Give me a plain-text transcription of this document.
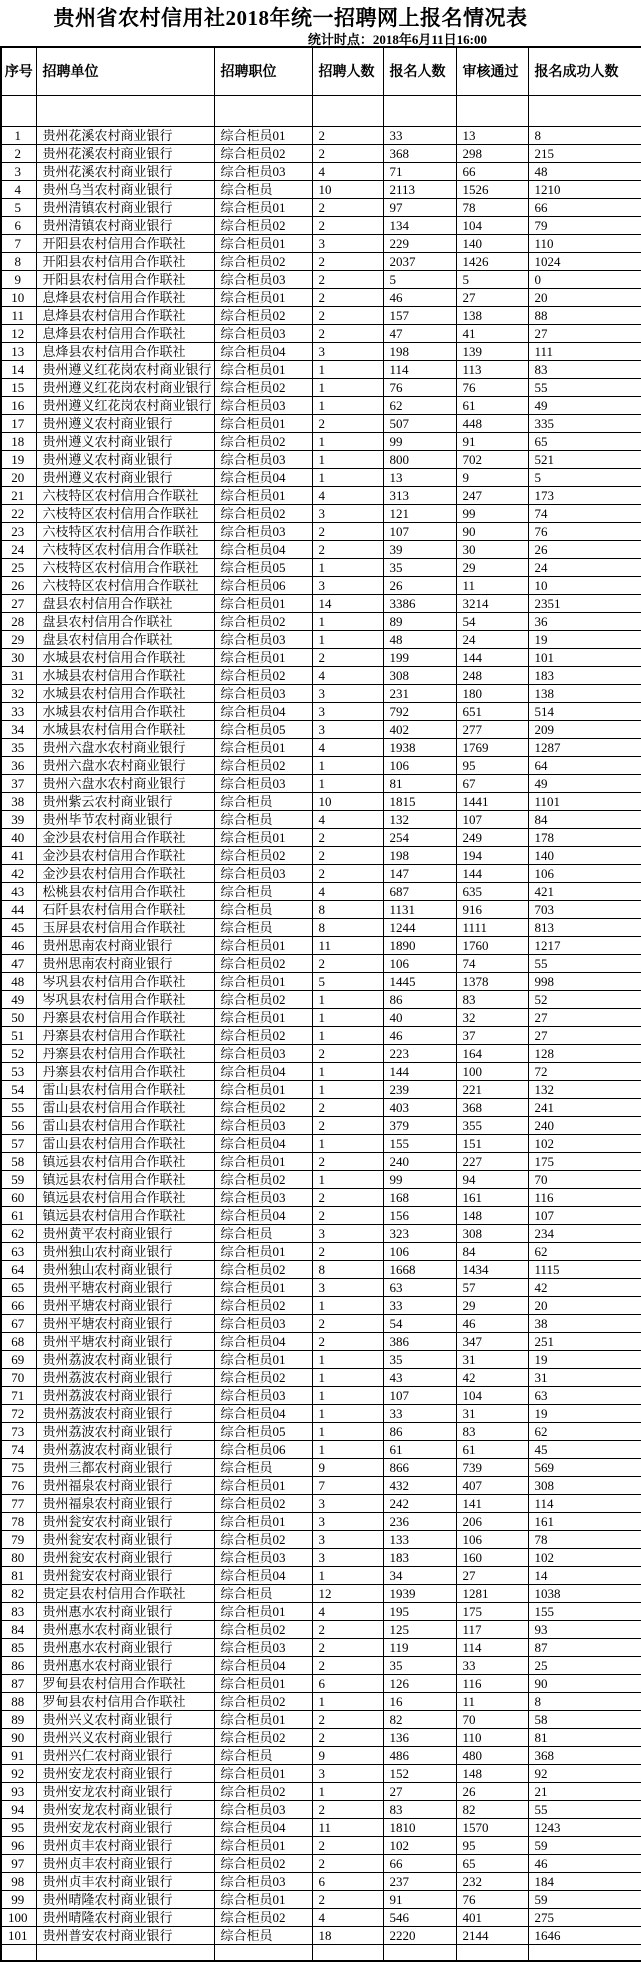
贵州省农村信用社2018年统一招聘网上报名情况表
统计时点：2018年6月11日16:00
序号	招聘单位	招聘职位	招聘人数	报名人数	审核通过	报名成功人数

1	贵州花溪农村商业银行	综合柜员01	2	33	13	8
2	贵州花溪农村商业银行	综合柜员02	2	368	298	215
3	贵州花溪农村商业银行	综合柜员03	4	71	66	48
4	贵州乌当农村商业银行	综合柜员	10	2113	1526	1210
5	贵州清镇农村商业银行	综合柜员01	2	97	78	66
6	贵州清镇农村商业银行	综合柜员02	2	134	104	79
7	开阳县农村信用合作联社	综合柜员01	3	229	140	110
8	开阳县农村信用合作联社	综合柜员02	2	2037	1426	1024
9	开阳县农村信用合作联社	综合柜员03	2	5	5	0
10	息烽县农村信用合作联社	综合柜员01	2	46	27	20
11	息烽县农村信用合作联社	综合柜员02	2	157	138	88
12	息烽县农村信用合作联社	综合柜员03	2	47	41	27
13	息烽县农村信用合作联社	综合柜员04	3	198	139	111
14	贵州遵义红花岗农村商业银行	综合柜员01	1	114	113	83
15	贵州遵义红花岗农村商业银行	综合柜员02	1	76	76	55
16	贵州遵义红花岗农村商业银行	综合柜员03	1	62	61	49
17	贵州遵义农村商业银行	综合柜员01	2	507	448	335
18	贵州遵义农村商业银行	综合柜员02	1	99	91	65
19	贵州遵义农村商业银行	综合柜员03	1	800	702	521
20	贵州遵义农村商业银行	综合柜员04	1	13	9	5
21	六枝特区农村信用合作联社	综合柜员01	4	313	247	173
22	六枝特区农村信用合作联社	综合柜员02	3	121	99	74
23	六枝特区农村信用合作联社	综合柜员03	2	107	90	76
24	六枝特区农村信用合作联社	综合柜员04	2	39	30	26
25	六枝特区农村信用合作联社	综合柜员05	1	35	29	24
26	六枝特区农村信用合作联社	综合柜员06	3	26	11	10
27	盘县农村信用合作联社	综合柜员01	14	3386	3214	2351
28	盘县农村信用合作联社	综合柜员02	1	89	54	36
29	盘县农村信用合作联社	综合柜员03	1	48	24	19
30	水城县农村信用合作联社	综合柜员01	2	199	144	101
31	水城县农村信用合作联社	综合柜员02	4	308	248	183
32	水城县农村信用合作联社	综合柜员03	3	231	180	138
33	水城县农村信用合作联社	综合柜员04	3	792	651	514
34	水城县农村信用合作联社	综合柜员05	3	402	277	209
35	贵州六盘水农村商业银行	综合柜员01	4	1938	1769	1287
36	贵州六盘水农村商业银行	综合柜员02	1	106	95	64
37	贵州六盘水农村商业银行	综合柜员03	1	81	67	49
38	贵州紫云农村商业银行	综合柜员	10	1815	1441	1101
39	贵州毕节农村商业银行	综合柜员	4	132	107	84
40	金沙县农村信用合作联社	综合柜员01	2	254	249	178
41	金沙县农村信用合作联社	综合柜员02	2	198	194	140
42	金沙县农村信用合作联社	综合柜员03	2	147	144	106
43	松桃县农村信用合作联社	综合柜员	4	687	635	421
44	石阡县农村信用合作联社	综合柜员	8	1131	916	703
45	玉屏县农村信用合作联社	综合柜员	8	1244	1111	813
46	贵州思南农村商业银行	综合柜员01	11	1890	1760	1217
47	贵州思南农村商业银行	综合柜员02	2	106	74	55
48	岑巩县农村信用合作联社	综合柜员01	5	1445	1378	998
49	岑巩县农村信用合作联社	综合柜员02	1	86	83	52
50	丹寨县农村信用合作联社	综合柜员01	1	40	32	27
51	丹寨县农村信用合作联社	综合柜员02	1	46	37	27
52	丹寨县农村信用合作联社	综合柜员03	2	223	164	128
53	丹寨县农村信用合作联社	综合柜员04	1	144	100	72
54	雷山县农村信用合作联社	综合柜员01	1	239	221	132
55	雷山县农村信用合作联社	综合柜员02	2	403	368	241
56	雷山县农村信用合作联社	综合柜员03	2	379	355	240
57	雷山县农村信用合作联社	综合柜员04	1	155	151	102
58	镇远县农村信用合作联社	综合柜员01	2	240	227	175
59	镇远县农村信用合作联社	综合柜员02	1	99	94	70
60	镇远县农村信用合作联社	综合柜员03	2	168	161	116
61	镇远县农村信用合作联社	综合柜员04	2	156	148	107
62	贵州黄平农村商业银行	综合柜员	3	323	308	234
63	贵州独山农村商业银行	综合柜员01	2	106	84	62
64	贵州独山农村商业银行	综合柜员02	8	1668	1434	1115
65	贵州平塘农村商业银行	综合柜员01	3	63	57	42
66	贵州平塘农村商业银行	综合柜员02	1	33	29	20
67	贵州平塘农村商业银行	综合柜员03	2	54	46	38
68	贵州平塘农村商业银行	综合柜员04	2	386	347	251
69	贵州荔波农村商业银行	综合柜员01	1	35	31	19
70	贵州荔波农村商业银行	综合柜员02	1	43	42	31
71	贵州荔波农村商业银行	综合柜员03	1	107	104	63
72	贵州荔波农村商业银行	综合柜员04	1	33	31	19
73	贵州荔波农村商业银行	综合柜员05	1	86	83	62
74	贵州荔波农村商业银行	综合柜员06	1	61	61	45
75	贵州三都农村商业银行	综合柜员	9	866	739	569
76	贵州福泉农村商业银行	综合柜员01	7	432	407	308
77	贵州福泉农村商业银行	综合柜员02	3	242	141	114
78	贵州瓮安农村商业银行	综合柜员01	3	236	206	161
79	贵州瓮安农村商业银行	综合柜员02	3	133	106	78
80	贵州瓮安农村商业银行	综合柜员03	3	183	160	102
81	贵州瓮安农村商业银行	综合柜员04	1	34	27	14
82	贵定县农村信用合作联社	综合柜员	12	1939	1281	1038
83	贵州惠水农村商业银行	综合柜员01	4	195	175	155
84	贵州惠水农村商业银行	综合柜员02	2	125	117	93
85	贵州惠水农村商业银行	综合柜员03	2	119	114	87
86	贵州惠水农村商业银行	综合柜员04	2	35	33	25
87	罗甸县农村信用合作联社	综合柜员01	6	126	116	90
88	罗甸县农村信用合作联社	综合柜员02	1	16	11	8
89	贵州兴义农村商业银行	综合柜员01	2	82	70	58
90	贵州兴义农村商业银行	综合柜员02	2	136	110	81
91	贵州兴仁农村商业银行	综合柜员	9	486	480	368
92	贵州安龙农村商业银行	综合柜员01	3	152	148	92
93	贵州安龙农村商业银行	综合柜员02	1	27	26	21
94	贵州安龙农村商业银行	综合柜员03	2	83	82	55
95	贵州安龙农村商业银行	综合柜员04	11	1810	1570	1243
96	贵州贞丰农村商业银行	综合柜员01	2	102	95	59
97	贵州贞丰农村商业银行	综合柜员02	2	66	65	46
98	贵州贞丰农村商业银行	综合柜员03	6	237	232	184
99	贵州晴隆农村商业银行	综合柜员01	2	91	76	59
100	贵州晴隆农村商业银行	综合柜员02	4	546	401	275
101	贵州普安农村商业银行	综合柜员	18	2220	2144	1646
